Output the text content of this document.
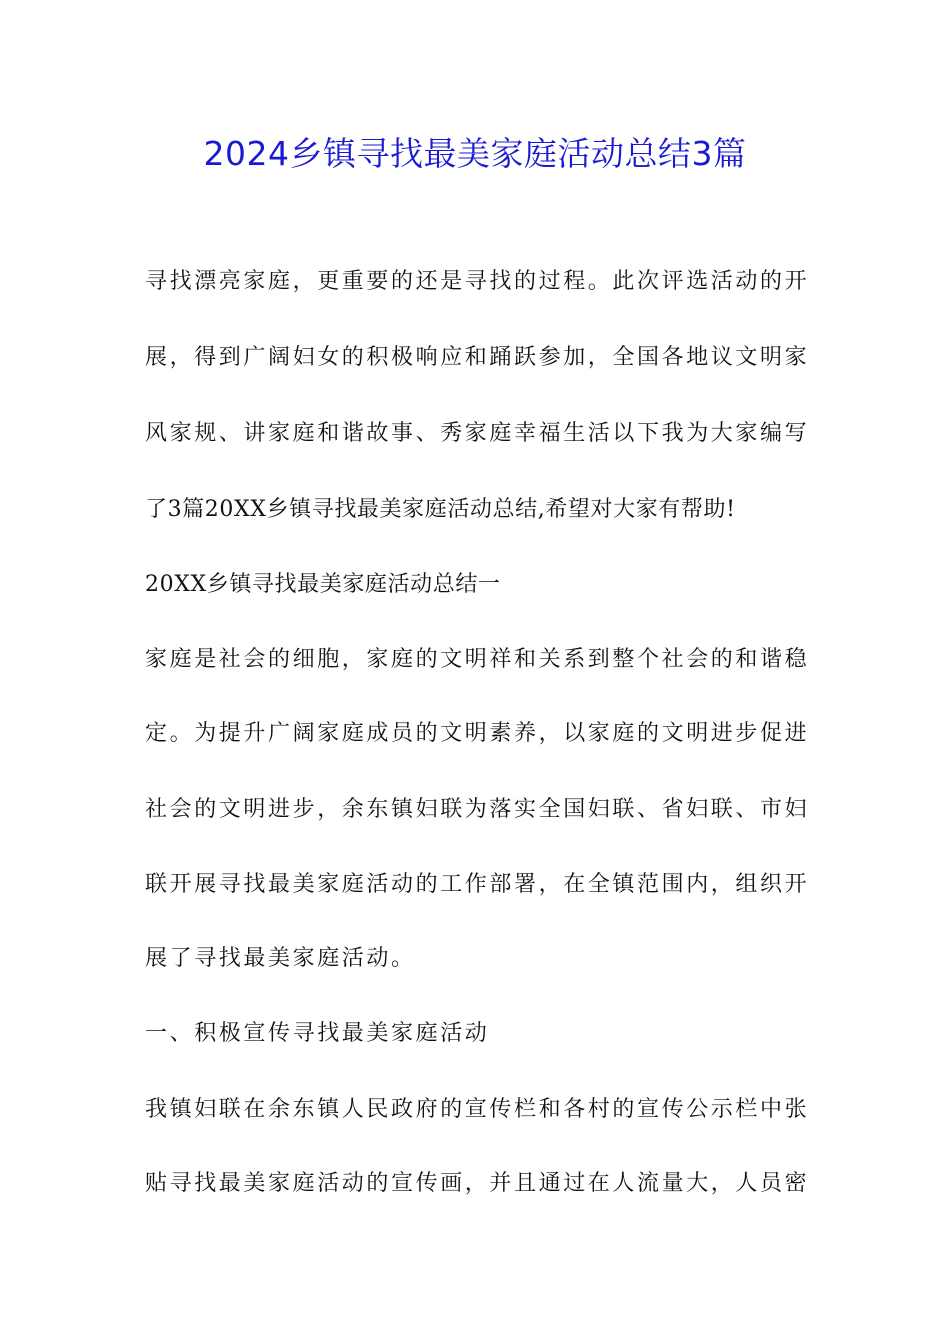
2024乡镇寻找最美家庭活动总结3篇
寻找漂亮家庭，更重要的还是寻找的过程。此次评选活动的开
展，得到广阔妇女的积极响应和踊跃参加，全国各地议文明家
风家规、讲家庭和谐故事、秀家庭幸福生活以下我为大家编写
了3篇20XX乡镇寻找最美家庭活动总结,希望对大家有帮助!
20XX乡镇寻找最美家庭活动总结一
家庭是社会的细胞，家庭的文明祥和关系到整个社会的和谐稳
定。为提升广阔家庭成员的文明素养，以家庭的文明进步促进
社会的文明进步，余东镇妇联为落实全国妇联、省妇联、市妇
联开展寻找最美家庭活动的工作部署，在全镇范围内，组织开
展了寻找最美家庭活动。
一、积极宣传寻找最美家庭活动
我镇妇联在余东镇人民政府的宣传栏和各村的宣传公示栏中张
贴寻找最美家庭活动的宣传画，并且通过在人流量大，人员密
